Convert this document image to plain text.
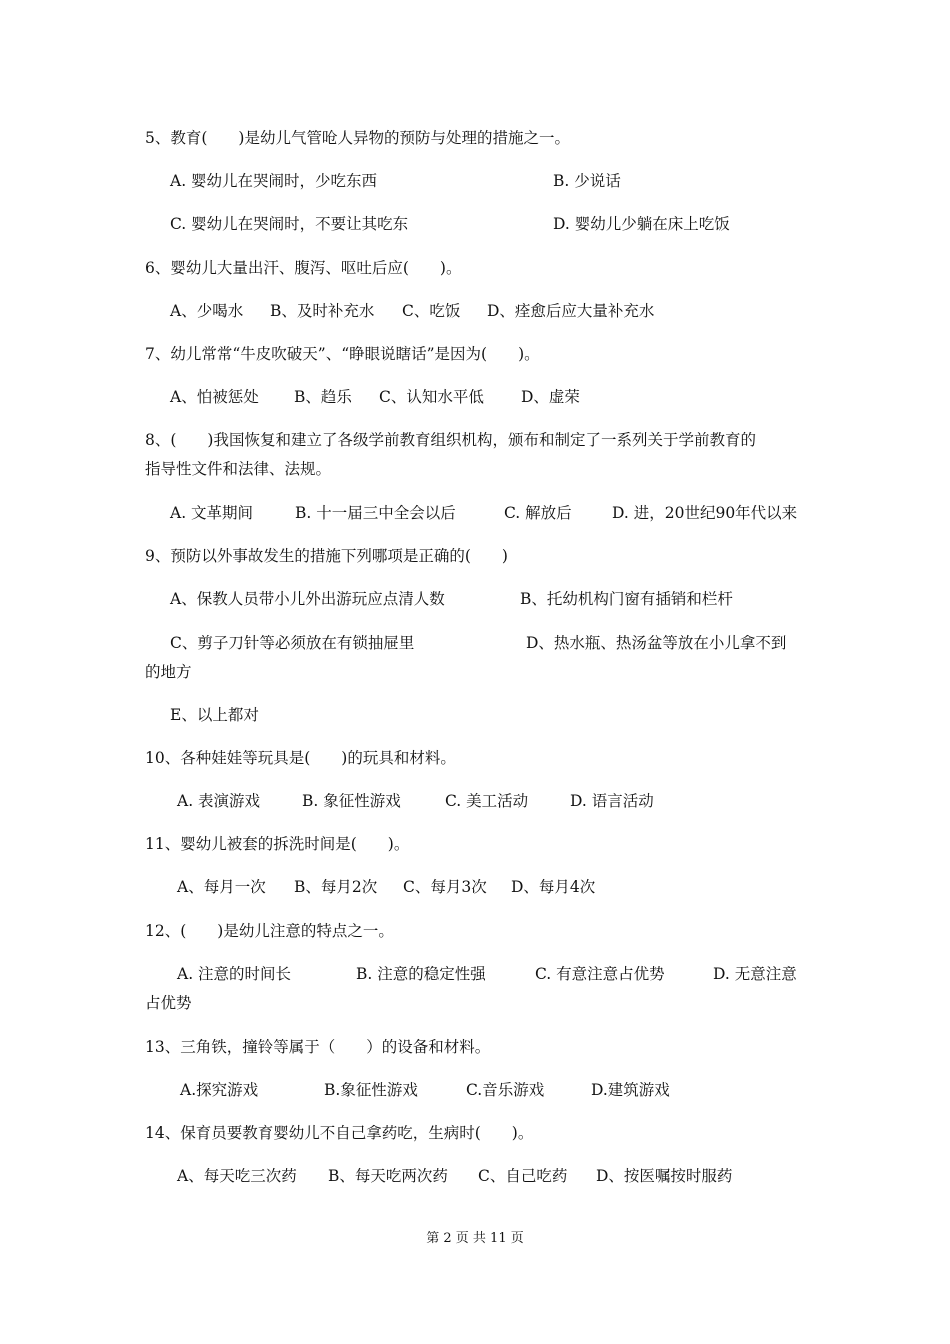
5、教育(　　)是幼儿气管呛人异物的预防与处理的措施之一。
A. 婴幼儿在哭闹时，少吃东西	B. 少说话
C. 婴幼儿在哭闹时，不要让其吃东	D. 婴幼儿少躺在床上吃饭
6、婴幼儿大量出汗、腹泻、呕吐后应(　　)。
A、少喝水 B、及时补充水 C、吃饭 D、痊愈后应大量补充水
7、幼儿常常“牛皮吹破天”、“睁眼说瞎话”是因为(　　)。
A、怕被惩处 B、趋乐 C、认知水平低 D、虚荣
8、(　　)我国恢复和建立了各级学前教育组织机构，颁布和制定了一系列关于学前教育的
指导性文件和法律、法规。
A. 文革期间	B. 十一届三中全会以后	C. 解放后	D. 进，20世纪90年代以来
9、预防以外事故发生的措施下列哪项是正确的(　　)
A、保教人员带小儿外出游玩应点清人数	B、托幼机构门窗有插销和栏杆
C、剪子刀针等必须放在有锁抽屉里	D、热水瓶、热汤盆等放在小儿拿不到
的地方
E、以上都对
10、各种娃娃等玩具是(　　)的玩具和材料。
A. 表演游戏	B. 象征性游戏	C. 美工活动	D. 语言活动
11、婴幼儿被套的拆洗时间是(　　)。
A、每月一次 B、每月2次 C、每月3次 D、每月4次
12、(　　)是幼儿注意的特点之一。
A. 注意的时间长	B. 注意的稳定性强	C. 有意注意占优势	D. 无意注意
占优势
13、三角铁，撞铃等属于（　　）的设备和材料。
A.探究游戏	B.象征性游戏	C.音乐游戏	D.建筑游戏
14、保育员要教育婴幼儿不自己拿药吃，生病时(　　)。
A、每天吃三次药 B、每天吃两次药 C、自己吃药 D、按医嘱按时服药
第 2 页 共 11 页
